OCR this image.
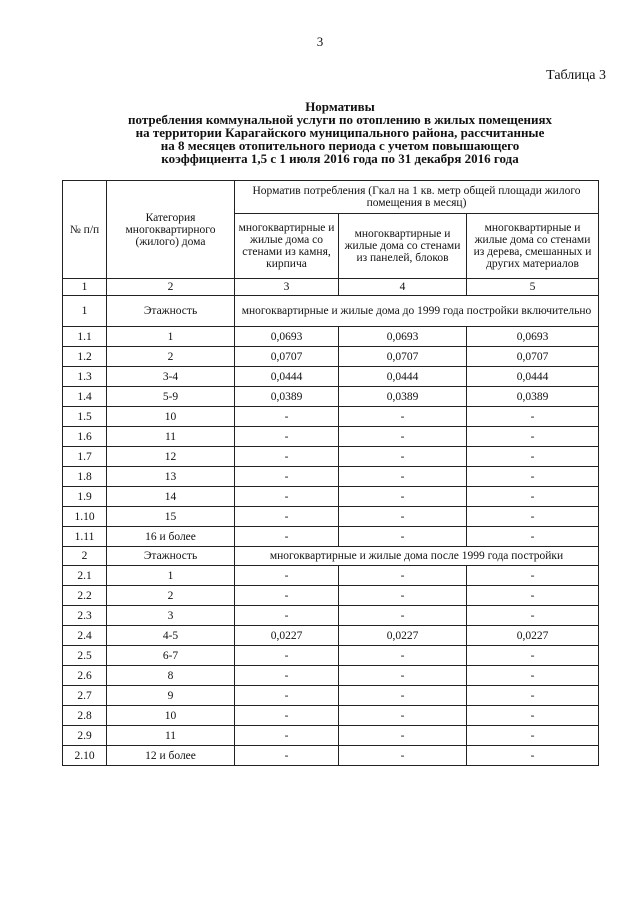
3
Таблица 3
Нормативы
потребления коммунальной услуги по отоплению в жилых помещениях
на территории Карагайского муниципального района, рассчитанные
на 8 месяцев отопительного периода с учетом повышающего
коэффициента 1,5 с 1 июля 2016 года по 31 декабря 2016 года
№ п/п	Категория многоквартирного (жилого) дома	Норматив потребления (Гкал на 1 кв. метр общей площади жилого помещения в месяц)		
		многоквартирные и жилые дома со стенами из камня, кирпича	многоквартирные и жилые дома со стенами из панелей, блоков	многоквартирные и жилые дома со стенами из дерева, смешанных и других материалов
1	2	3	4	5
1	Этажность	многоквартирные и жилые дома до 1999 года постройки включительно		
1.1	1	0,0693	0,0693	0,0693
1.2	2	0,0707	0,0707	0,0707
1.3	3-4	0,0444	0,0444	0,0444
1.4	5-9	0,0389	0,0389	0,0389
1.5	10	-	-	-
1.6	11	-	-	-
1.7	12	-	-	-
1.8	13	-	-	-
1.9	14	-	-	-
1.10	15	-	-	-
1.11	16 и более	-	-	-
2	Этажность	многоквартирные и жилые дома после 1999 года постройки		
2.1	1	-	-	-
2.2	2	-	-	-
2.3	3	-	-	-
2.4	4-5	0,0227	0,0227	0,0227
2.5	6-7	-	-	-
2.6	8	-	-	-
2.7	9	-	-	-
2.8	10	-	-	-
2.9	11	-	-	-
2.10	12 и более	-	-	-
